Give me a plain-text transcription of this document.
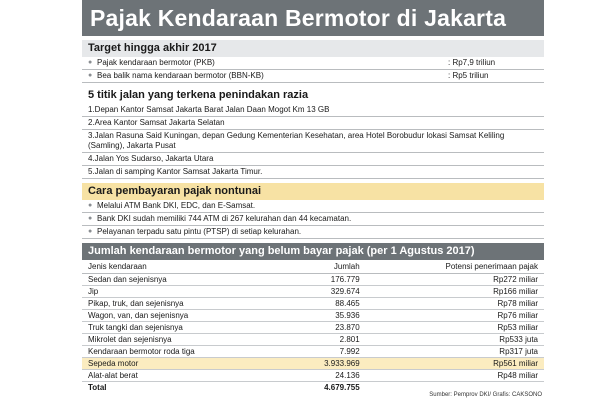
Pajak Kendaraan Bermotor di Jakarta
Target hingga akhir 2017
● Pajak kendaraan bermotor (PKB)	: Rp7,9 triliun
● Bea balik nama kendaraan bermotor (BBN-KB)	: Rp5 triliun
5 titik jalan yang terkena penindakan razia
1.Depan Kantor Samsat Jakarta Barat Jalan Daan Mogot Km 13 GB
2.Area Kantor Samsat Jakarta Selatan
3.Jalan Rasuna Said Kuningan, depan Gedung Kementerian Kesehatan, area Hotel Borobudur lokasi Samsat Keliling (Samling), Jakarta Pusat
4.Jalan Yos Sudarso, Jakarta Utara
5.Jalan di samping Kantor Samsat Jakarta Timur.
Cara pembayaran pajak nontunai
● Melalui ATM Bank DKI, EDC, dan E-Samsat.
● Bank DKI sudah memiliki 744 ATM di 267 kelurahan dan 44 kecamatan.
● Pelayanan terpadu satu pintu (PTSP) di setiap kelurahan.
Jumlah kendaraan bermotor yang belum bayar pajak (per 1 Agustus 2017)
Jenis kendaraan	Jumlah	Potensi penerimaan pajak
Sedan dan sejenisnya	176.779	Rp272 miliar
Jip	329.674	Rp166 miliar
Pikap, truk, dan sejenisnya	88.465	Rp78 miliar
Wagon, van, dan sejenisnya	35.936	Rp76 miliar
Truk tangki dan sejenisnya	23.870	Rp53 miliar
Mikrolet dan sejenisnya	2.801	Rp533 juta
Kendaraan bermotor roda tiga	7.992	Rp317 juta
Sepeda motor	3.933.969	Rp561 miliar
Alat-alat berat	24.136	Rp48 miliar
Total	4.679.755	
Sumber: Pemprov DKI/ Grafis: CAKSONO
